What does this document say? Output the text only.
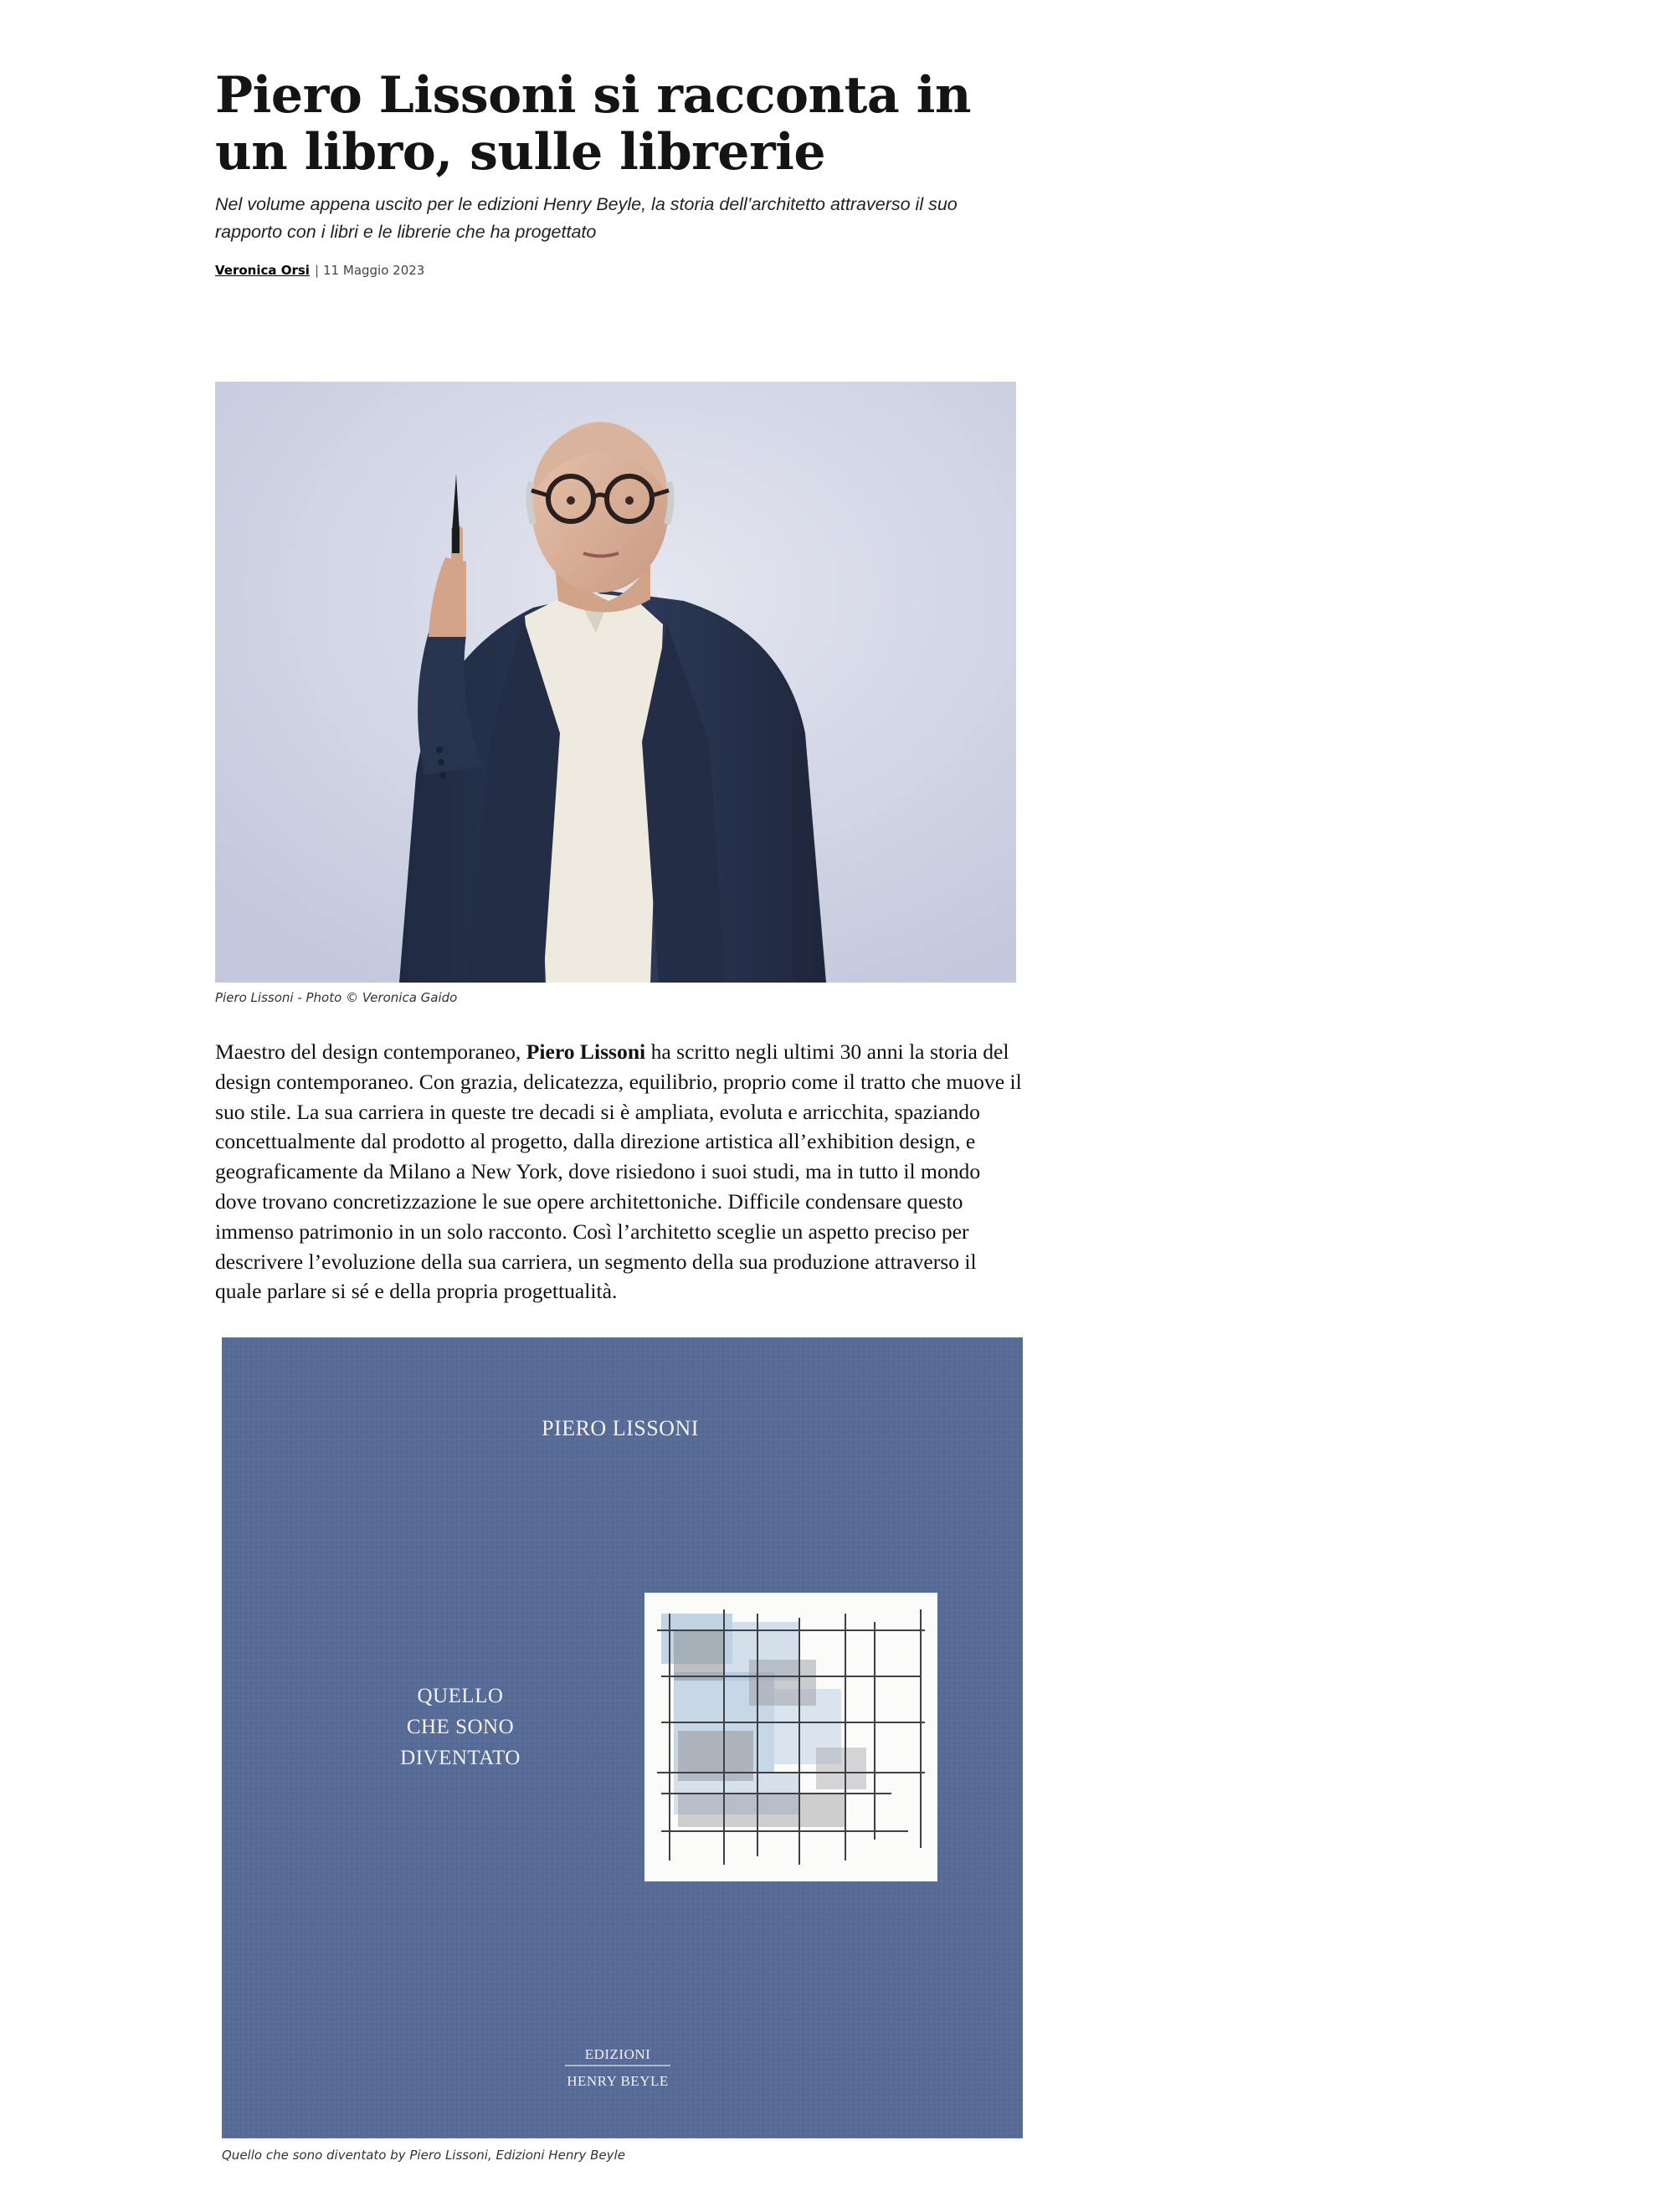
Piero Lissoni si racconta in un libro, sulle librerie

Nel volume appena uscito per le edizioni Henry Beyle, la storia dell’architetto attraverso il suo rapporto con i libri e le librerie che ha progettato

Veronica Orsi | 11 Maggio 2023
Piero Lissoni - Photo © Veronica Gaido

Maestro del design contemporaneo, Piero Lissoni ha scritto negli ultimi 30 anni la storia del design contemporaneo. Con grazia, delicatezza, equilibrio, proprio come il tratto che muove il suo stile. La sua carriera in queste tre decadi si è ampliata, evoluta e arricchita, spaziando concettualmente dal prodotto al progetto, dalla direzione artistica all’exhibition design, e geograficamente da Milano a New York, dove risiedono i suoi studi, ma in tutto il mondo dove trovano concretizzazione le sue opere architettoniche. Difficile condensare questo immenso patrimonio in un solo racconto. Così l’architetto sceglie un aspetto preciso per descrivere l’evoluzione della sua carriera, un segmento della sua produzione attraverso il quale parlare si sé e della propria progettualità.

PIERO LISSONI
QUELLO
CHE SONO
DIVENTATO
EDIZIONI
HENRY BEYLE
Quello che sono diventato by Piero Lissoni, Edizioni Henry Beyle
